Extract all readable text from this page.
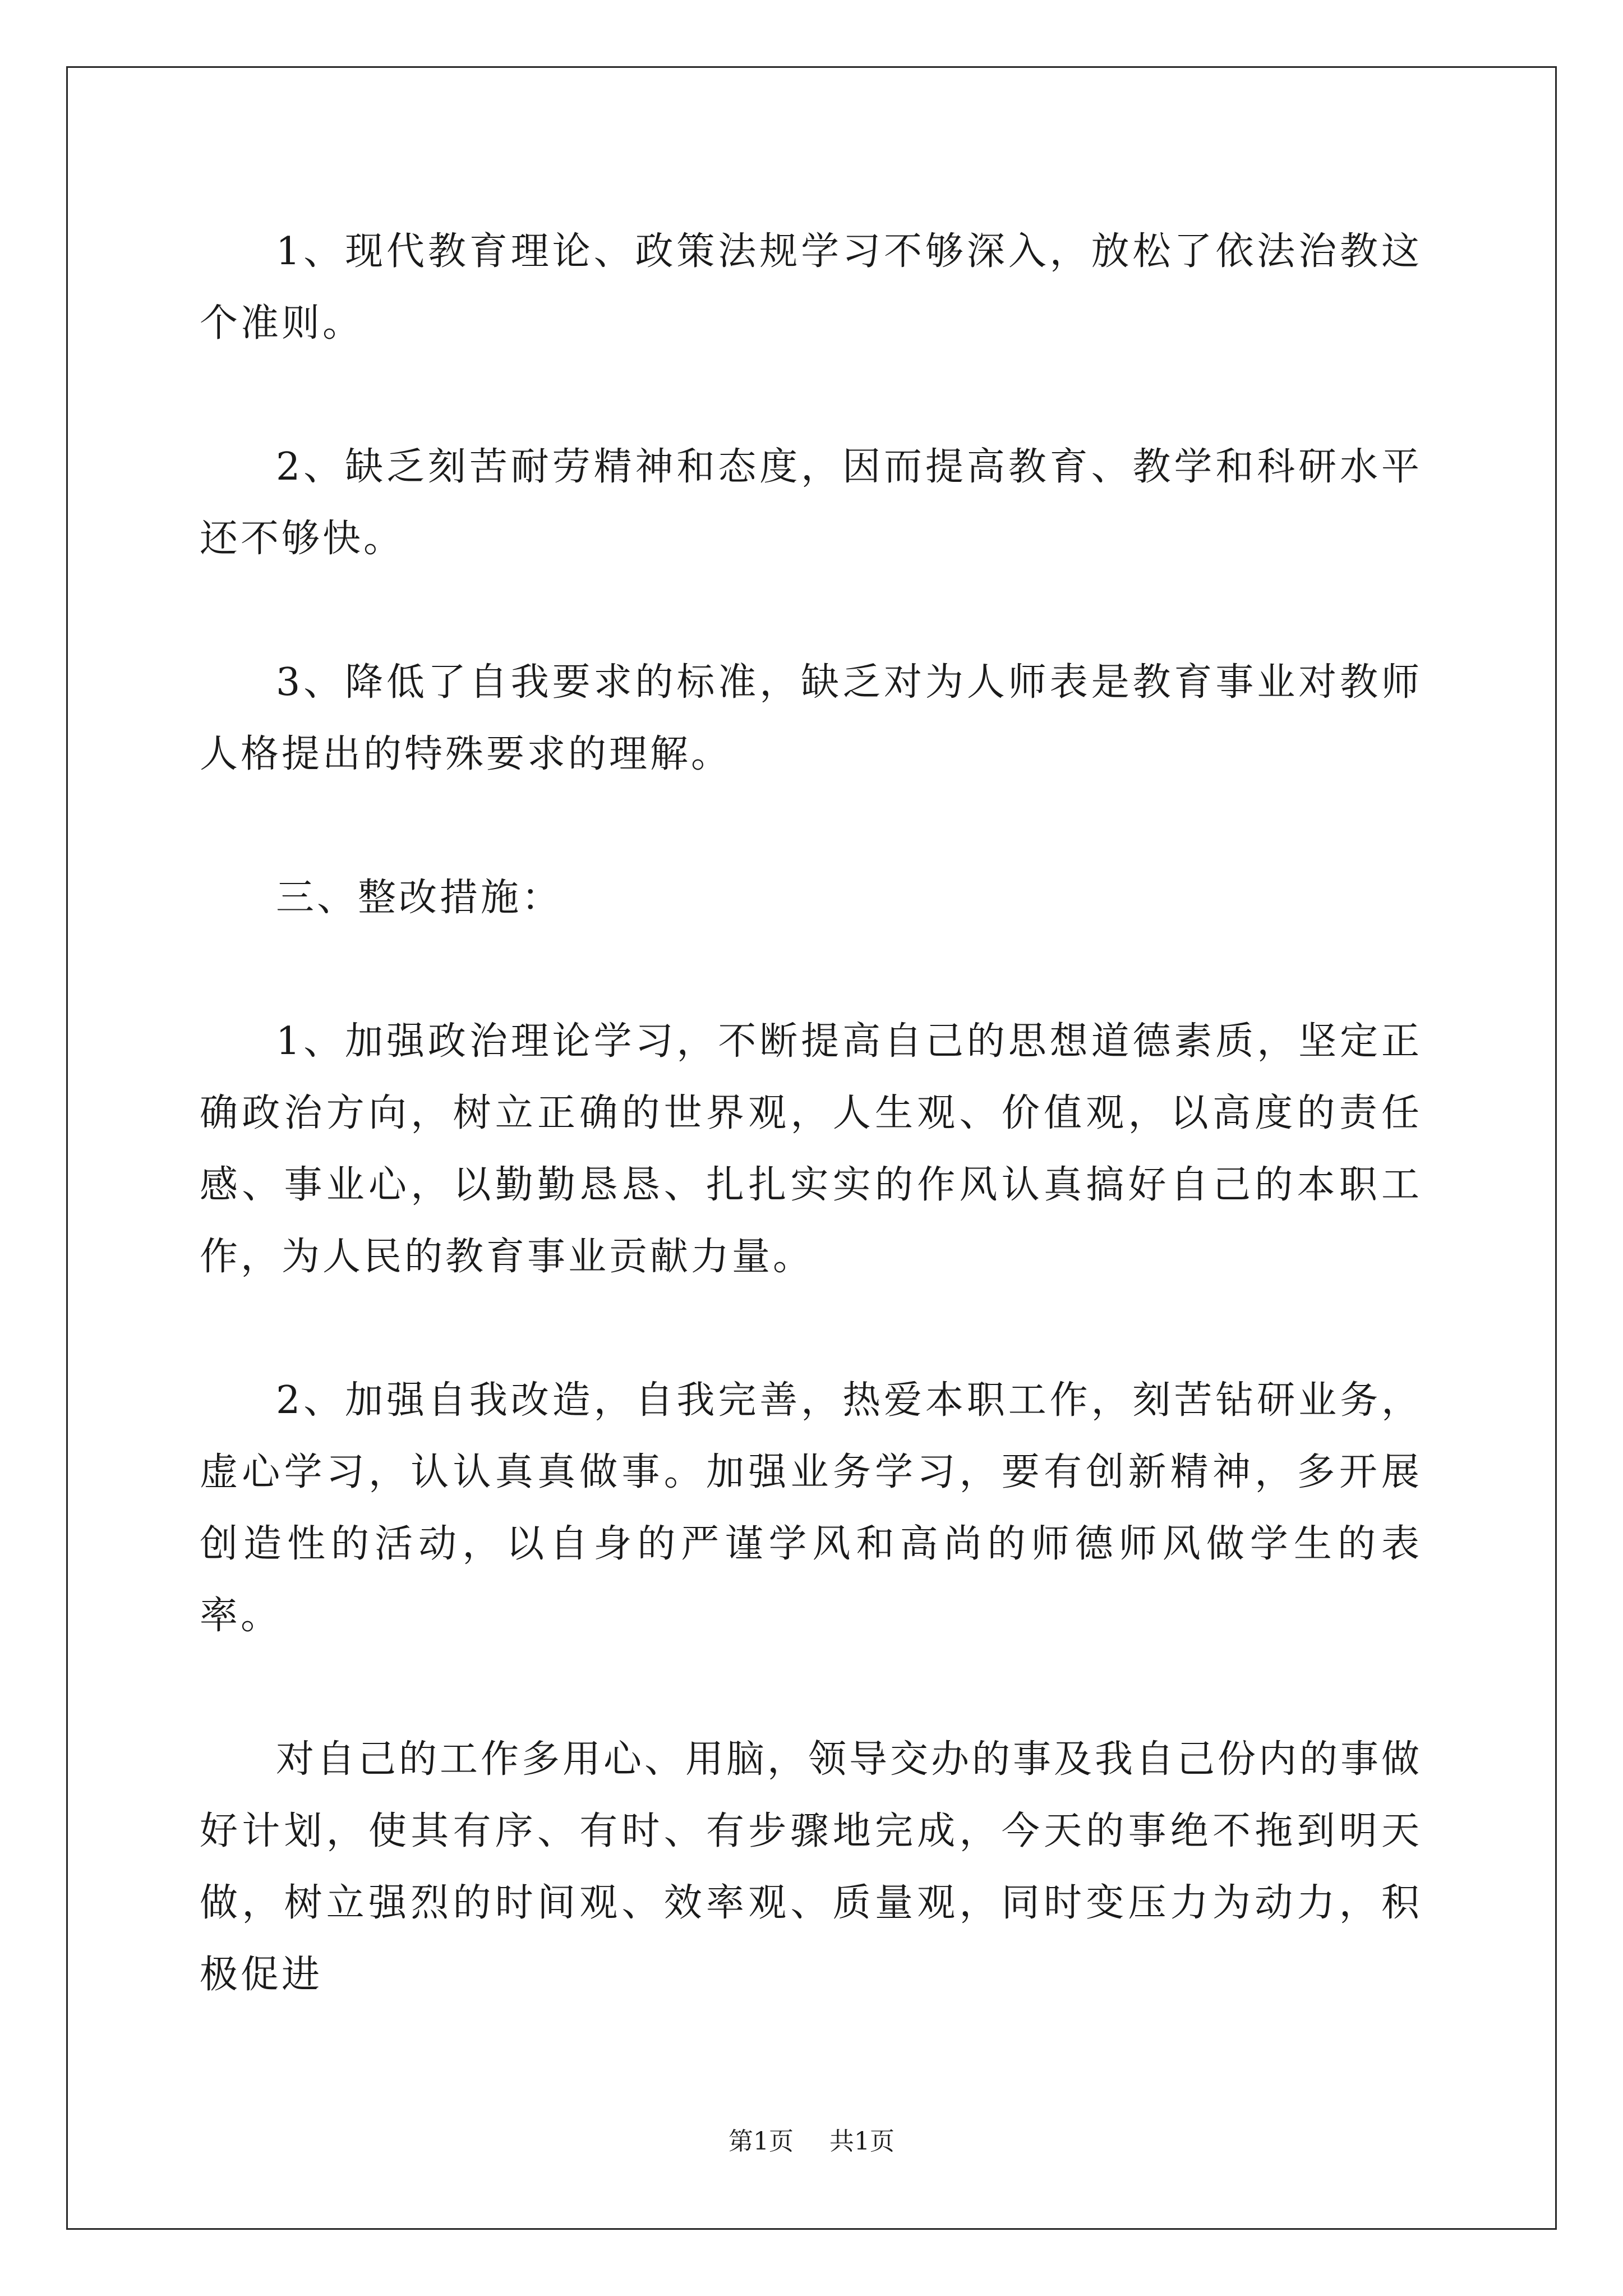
1、现代教育理论、政策法规学习不够深入，放松了依法治教这个准则。

2、缺乏刻苦耐劳精神和态度，因而提高教育、教学和科研水平还不够快。

3、降低了自我要求的标准，缺乏对为人师表是教育事业对教师人格提出的特殊要求的理解。

三、整改措施：

1、加强政治理论学习，不断提高自己的思想道德素质，坚定正确政治方向，树立正确的世界观，人生观、价值观，以高度的责任感、事业心，以勤勤恳恳、扎扎实实的作风认真搞好自己的本职工作，为人民的教育事业贡献力量。

2、加强自我改造，自我完善，热爱本职工作，刻苦钻研业务，虚心学习，认认真真做事。加强业务学习，要有创新精神，多开展创造性的活动，以自身的严谨学风和高尚的师德师风做学生的表率。

对自己的工作多用心、用脑，领导交办的事及我自己份内的事做好计划，使其有序、有时、有步骤地完成，今天的事绝不拖到明天做，树立强烈的时间观、效率观、质量观，同时变压力为动力，积极促进

第1页 共1页
